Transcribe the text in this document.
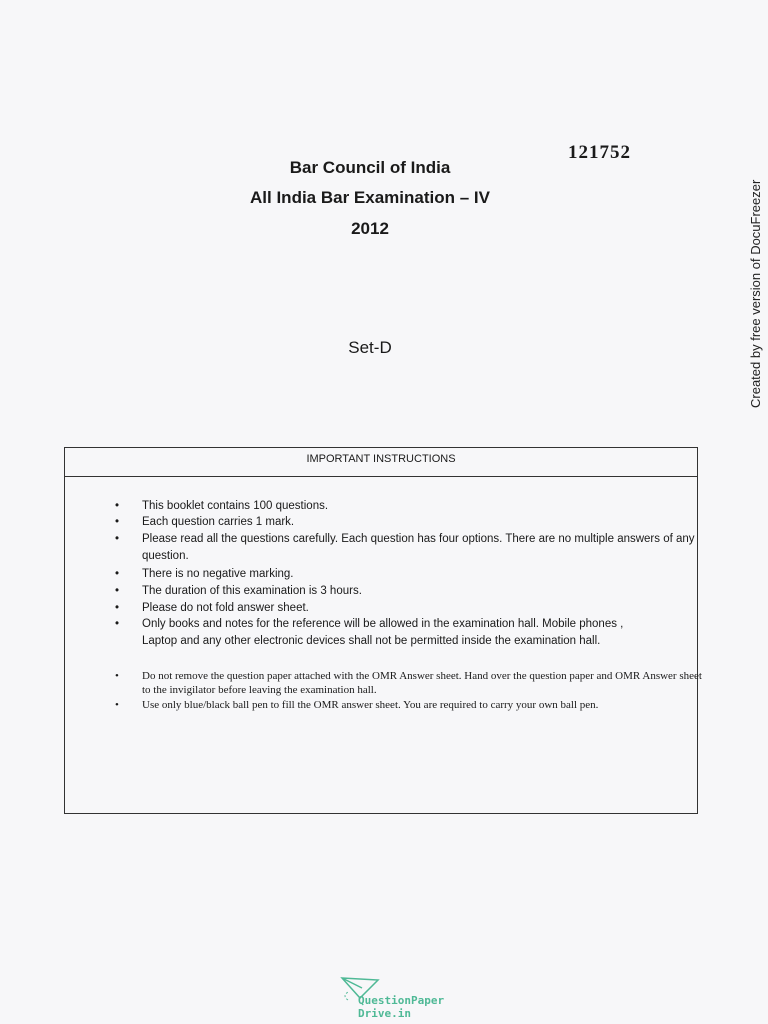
121752
Bar Council of India
All India Bar Examination – IV
2012
Set-D	Created by free version of DocuFreezer
IMPORTANT INSTRUCTIONS
• This booklet contains 100 questions.
• Each question carries 1 mark.
• Please read all the questions carefully. Each question has four options. There are no multiple answers of any question.
• There is no negative marking.
• The duration of this examination is 3 hours.
• Please do not fold answer sheet.
• Only books and notes for the reference will be allowed in the examination hall. Mobile phones , Laptop and any other electronic devices shall not be permitted inside the examination hall.
• Do not remove the question paper attached with the OMR Answer sheet. Hand over the question paper and OMR Answer sheet to the invigilator before leaving the examination hall.
• Use only blue/black ball pen to fill the OMR answer sheet. You are required to carry your own ball pen.
QuestionPaper
Drive.in
